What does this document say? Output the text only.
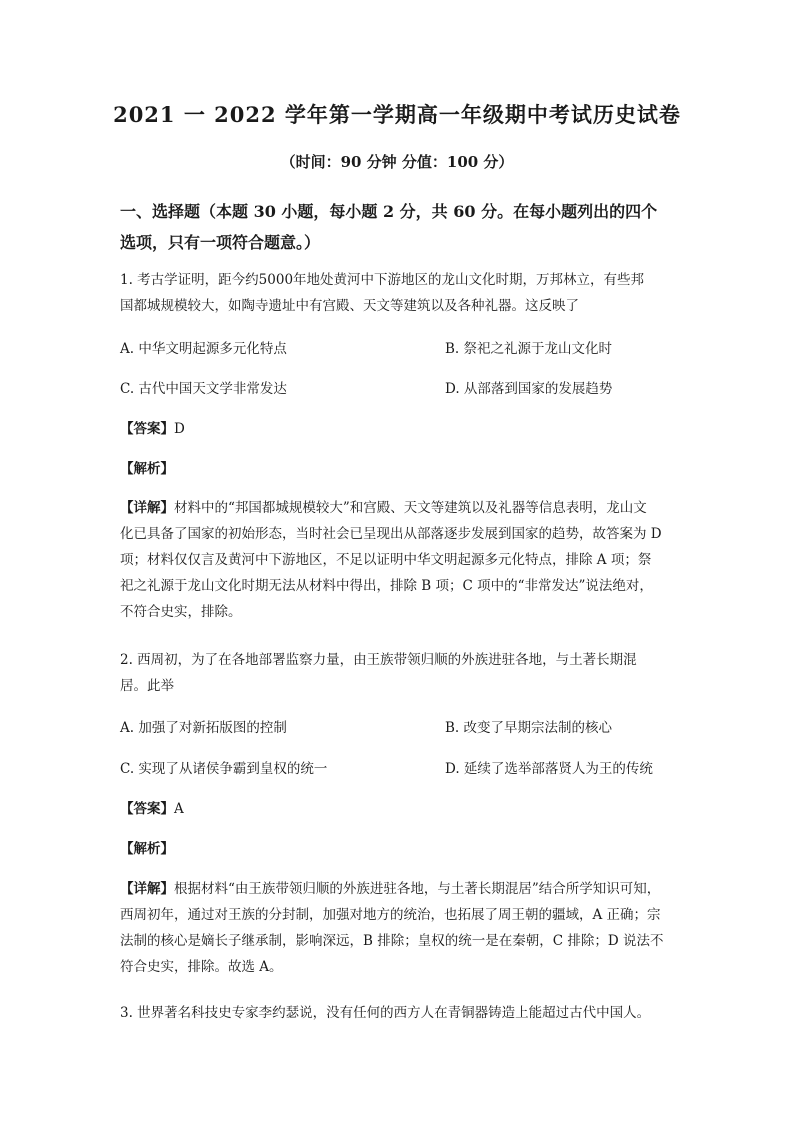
2021 一 2022 学年第一学期高一年级期中考试历史试卷
（时间：90 分钟 分值：100 分）
一、选择题（本题 30 小题，每小题 2 分，共 60 分。在每小题列出的四个
选项，只有一项符合题意。）

1. 考古学证明，距今约5000年地处黄河中下游地区的龙山文化时期，万邦林立，有些邦

国都城规模较大，如陶寺遗址中有宫殿、天文等建筑以及各种礼器。这反映了

A. 中华文明起源多元化特点	B. 祭祀之礼源于龙山文化时
C. 古代中国天文学非常发达	D. 从部落到国家的发展趋势
【答案】D
【解析】

【详解】材料中的“邦国都城规模较大”和宫殿、天文等建筑以及礼器等信息表明，龙山文

化已具备了国家的初始形态，当时社会已呈现出从部落逐步发展到国家的趋势，故答案为 D

项；材料仅仅言及黄河中下游地区，不足以证明中华文明起源多元化特点，排除 A 项；祭

祀之礼源于龙山文化时期无法从材料中得出，排除 B 项；C 项中的“非常发达”说法绝对，

不符合史实，排除。

2. 西周初，为了在各地部署监察力量，由王族带领归顺的外族进驻各地，与土著长期混

居。此举

A. 加强了对新拓版图的控制	B. 改变了早期宗法制的核心
C. 实现了从诸侯争霸到皇权的统一	D. 延续了选举部落贤人为王的传统
【答案】A
【解析】

【详解】根据材料“由王族带领归顺的外族进驻各地，与土著长期混居”结合所学知识可知，

西周初年，通过对王族的分封制，加强对地方的统治，也拓展了周王朝的疆域，A 正确；宗

法制的核心是嫡长子继承制，影响深远，B 排除；皇权的统一是在秦朝，C 排除；D 说法不

符合史实，排除。故选 A。

3. 世界著名科技史专家李约瑟说，没有任何的西方人在青铜器铸造上能超过古代中国人。
